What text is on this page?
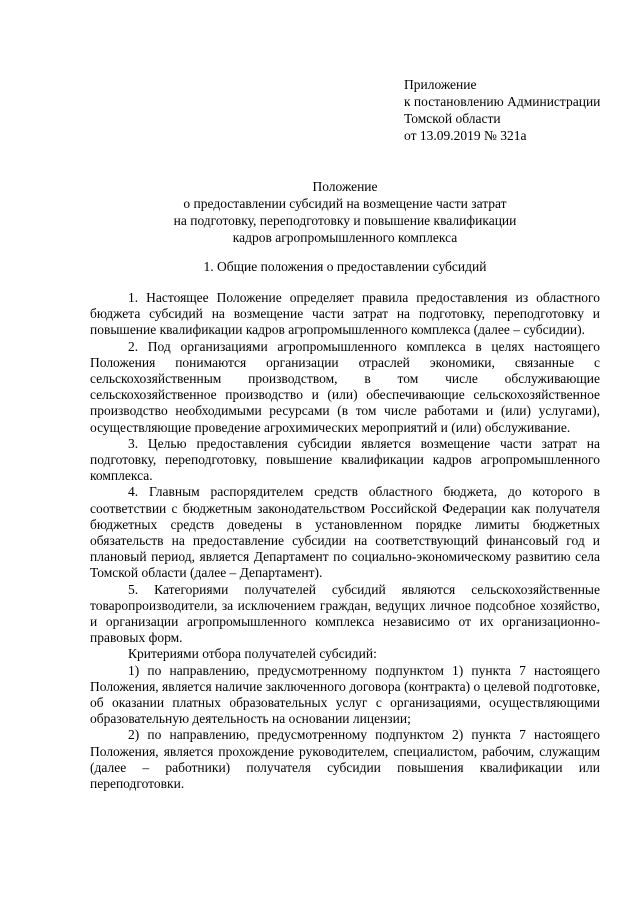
Приложение
к постановлению Администрации
Томской области
от 13.09.2019 № 321а
Положение
о предоставлении субсидий на возмещение части затрат
на подготовку, переподготовку и повышение квалификации
кадров агропромышленного комплекса
1. Общие положения о предоставлении субсидий

1. Настоящее Положение определяет правила предоставления из областного бюджета субсидий на возмещение части затрат на подготовку, переподготовку и повышение квалификации кадров агропромышленного комплекса (далее – субсидии).

2. Под организациями агропромышленного комплекса в целях настоящего Положения понимаются организации отраслей экономики, связанные с сельскохозяйственным производством, в том числе обслуживающие сельскохозяйственное производство и (или) обеспечивающие сельскохозяйственное производство необходимыми ресурсами (в том числе работами и (или) услугами), осуществляющие проведение агрохимических мероприятий и (или) обслуживание.

3. Целью предоставления субсидии является возмещение части затрат на подготовку, переподготовку, повышение квалификации кадров агропромышленного комплекса.

4. Главным распорядителем средств областного бюджета, до которого в соответствии с бюджетным законодательством Российской Федерации как получателя бюджетных средств доведены в установленном порядке лимиты бюджетных обязательств на предоставление субсидии на соответствующий финансовый год и плановый период, является Департамент по социально-экономическому развитию села Томской области (далее – Департамент).

5. Категориями получателей субсидий являются сельскохозяйственные товаропроизводители, за исключением граждан, ведущих личное подсобное хозяйство, и организации агропромышленного комплекса независимо от их организационно-правовых форм.

Критериями отбора получателей субсидий:

1) по направлению, предусмотренному подпунктом 1) пункта 7 настоящего Положения, является наличие заключенного договора (контракта) о целевой подготовке, об оказании платных образовательных услуг с организациями, осуществляющими образовательную деятельность на основании лицензии;

2) по направлению, предусмотренному подпунктом 2) пункта 7 настоящего Положения, является прохождение руководителем, специалистом, рабочим, служащим (далее – работники) получателя субсидии повышения квалификации или переподготовки.
